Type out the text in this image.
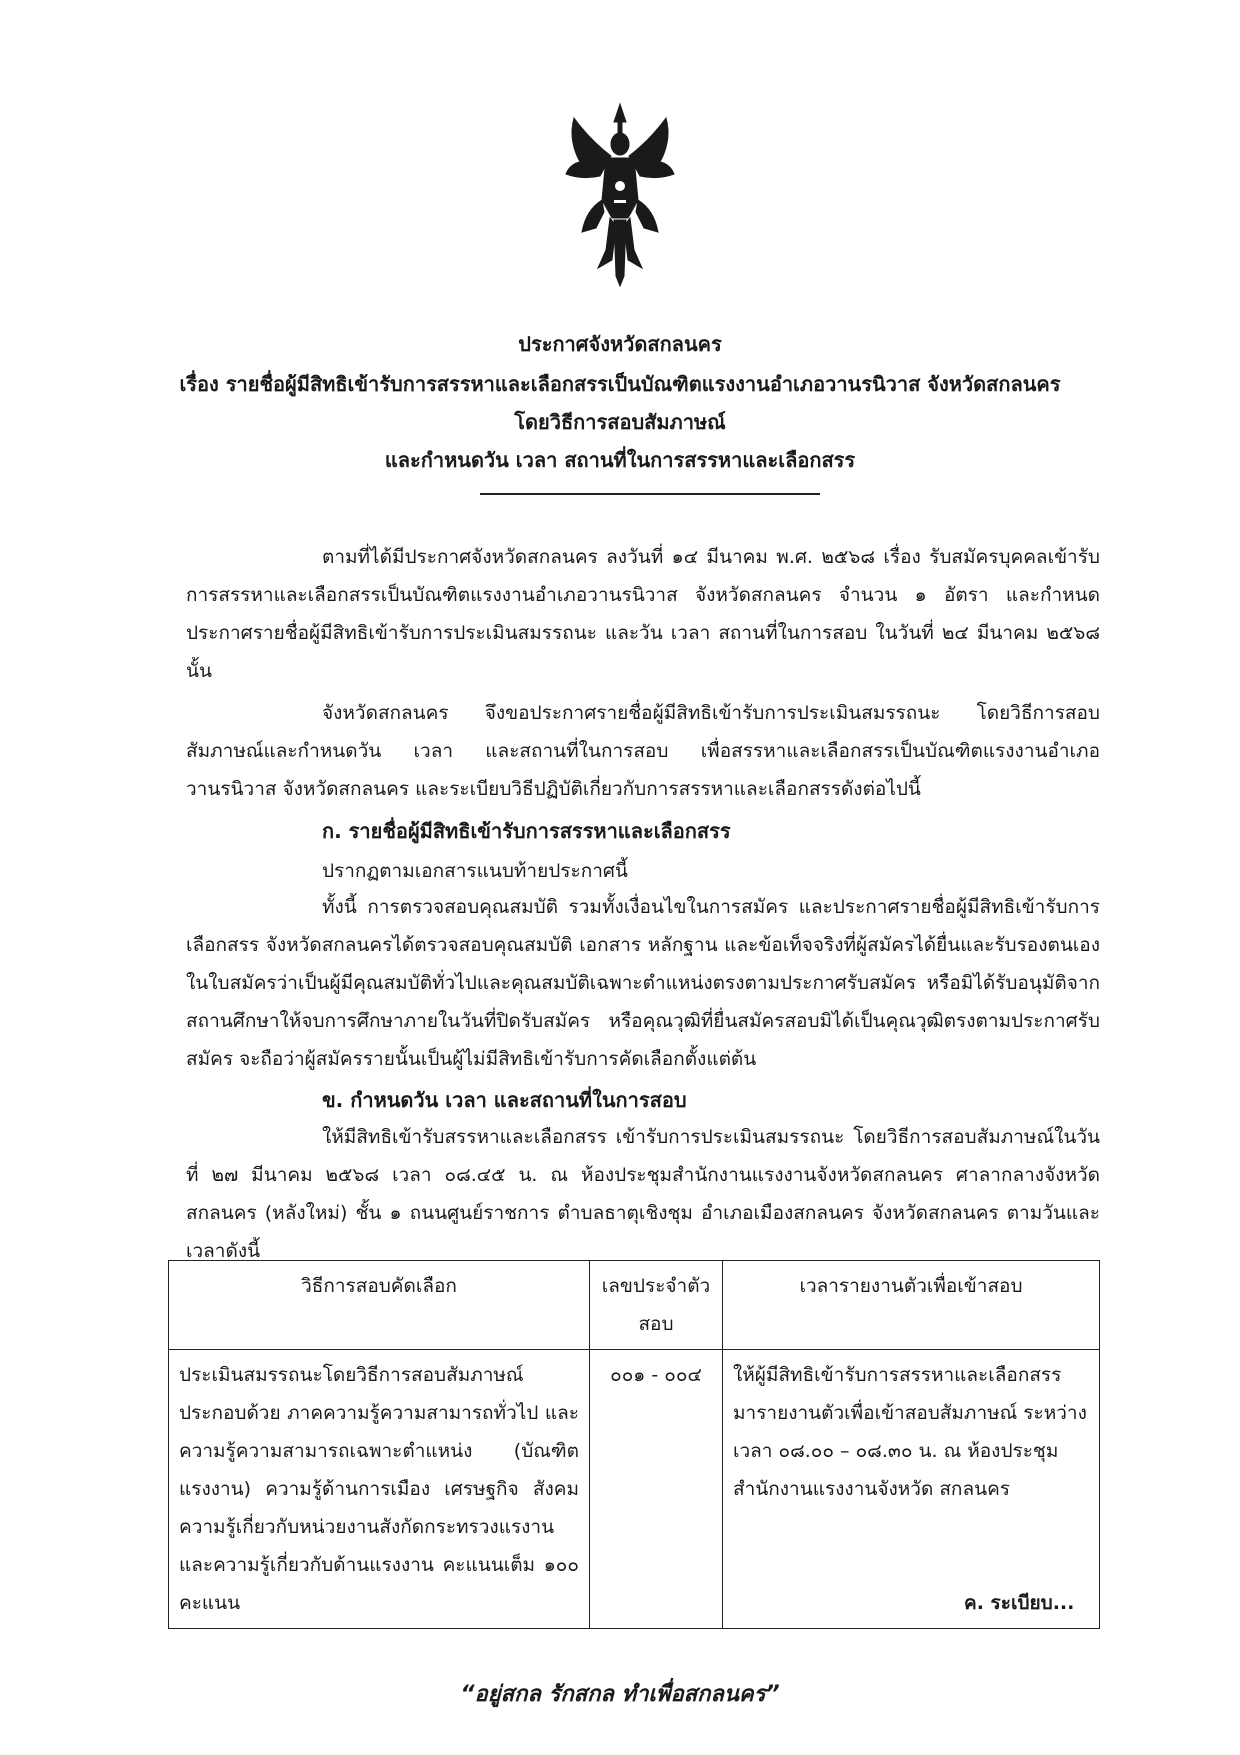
ประกาศจังหวัดสกลนคร
เรื่อง รายชื่อผู้มีสิทธิเข้ารับการสรรหาและเลือกสรรเป็นบัณฑิตแรงงานอำเภอวานรนิวาส จังหวัดสกลนคร
โดยวิธีการสอบสัมภาษณ์
และกำหนดวัน เวลา สถานที่ในการสรรหาและเลือกสรร
ตามที่ได้มีประกาศจังหวัดสกลนคร ลงวันที่ ๑๔ มีนาคม พ.ศ. ๒๕๖๘ เรื่อง รับสมัครบุคคลเข้ารับการสรรหาและเลือกสรรเป็นบัณฑิตแรงงานอำเภอวานรนิวาส จังหวัดสกลนคร จำนวน ๑ อัตรา และกำหนดประกาศรายชื่อผู้มีสิทธิเข้ารับการประเมินสมรรถนะ และวัน เวลา สถานที่ในการสอบ ในวันที่ ๒๔ มีนาคม ๒๕๖๘ นั้น
จังหวัดสกลนคร จึงขอประกาศรายชื่อผู้มีสิทธิเข้ารับการประเมินสมรรถนะ โดยวิธีการสอบสัมภาษณ์และกำหนดวัน เวลา และสถานที่ในการสอบ เพื่อสรรหาและเลือกสรรเป็นบัณฑิตแรงงานอำเภอวานรนิวาส จังหวัดสกลนคร และระเบียบวิธีปฏิบัติเกี่ยวกับการสรรหาและเลือกสรรดังต่อไปนี้
ก. รายชื่อผู้มีสิทธิเข้ารับการสรรหาและเลือกสรร
ปรากฏตามเอกสารแนบท้ายประกาศนี้
ทั้งนี้ การตรวจสอบคุณสมบัติ รวมทั้งเงื่อนไขในการสมัคร และประกาศรายชื่อผู้มีสิทธิเข้ารับการเลือกสรร จังหวัดสกลนครได้ตรวจสอบคุณสมบัติ เอกสาร หลักฐาน และข้อเท็จจริงที่ผู้สมัครได้ยื่นและรับรองตนเองในใบสมัครว่าเป็นผู้มีคุณสมบัติทั่วไปและคุณสมบัติเฉพาะตำแหน่งตรงตามประกาศรับสมัคร หรือมิได้รับอนุมัติจากสถานศึกษาให้จบการศึกษาภายในวันที่ปิดรับสมัคร หรือคุณวุฒิที่ยื่นสมัครสอบมิได้เป็นคุณวุฒิตรงตามประกาศรับสมัคร จะถือว่าผู้สมัครรายนั้นเป็นผู้ไม่มีสิทธิเข้ารับการคัดเลือกตั้งแต่ต้น
ข. กำหนดวัน เวลา และสถานที่ในการสอบ
ให้มีสิทธิเข้ารับสรรหาและเลือกสรร เข้ารับการประเมินสมรรถนะ โดยวิธีการสอบสัมภาษณ์ในวันที่ ๒๗ มีนาคม ๒๕๖๘ เวลา ๐๘.๔๕ น. ณ ห้องประชุมสำนักงานแรงงานจังหวัดสกลนคร ศาลากลางจังหวัดสกลนคร (หลังใหม่) ชั้น ๑ ถนนศูนย์ราชการ ตำบลธาตุเชิงชุม อำเภอเมืองสกลนคร จังหวัดสกลนคร ตามวันและเวลาดังนี้
วิธีการสอบคัดเลือก	เลขประจำตัวสอบ	เวลารายงานตัวเพื่อเข้าสอบ
ประเมินสมรรถนะโดยวิธีการสอบสัมภาษณ์ ประกอบด้วย ภาคความรู้ความสามารถทั่วไป และ ความรู้ความสามารถเฉพาะตำแหน่ง (บัณฑิตแรงงาน) ความรู้ด้านการเมือง เศรษฐกิจ สังคม ความรู้เกี่ยวกับหน่วยงานสังกัดกระทรวงแรงาน และความรู้เกี่ยวกับด้านแรงงาน คะแนนเต็ม ๑๐๐ คะแนน	๐๐๑ - ๐๐๔	ให้ผู้มีสิทธิเข้ารับการสรรหาและเลือกสรร มารายงานตัวเพื่อเข้าสอบสัมภาษณ์ ระหว่างเวลา ๐๘.๐๐ – ๐๘.๓๐ น. ณ ห้องประชุมสำนักงานแรงงานจังหวัด สกลนคร
ค. ระเบียบ...
“อยู่สกล รักสกล ทำเพื่อสกลนคร”
